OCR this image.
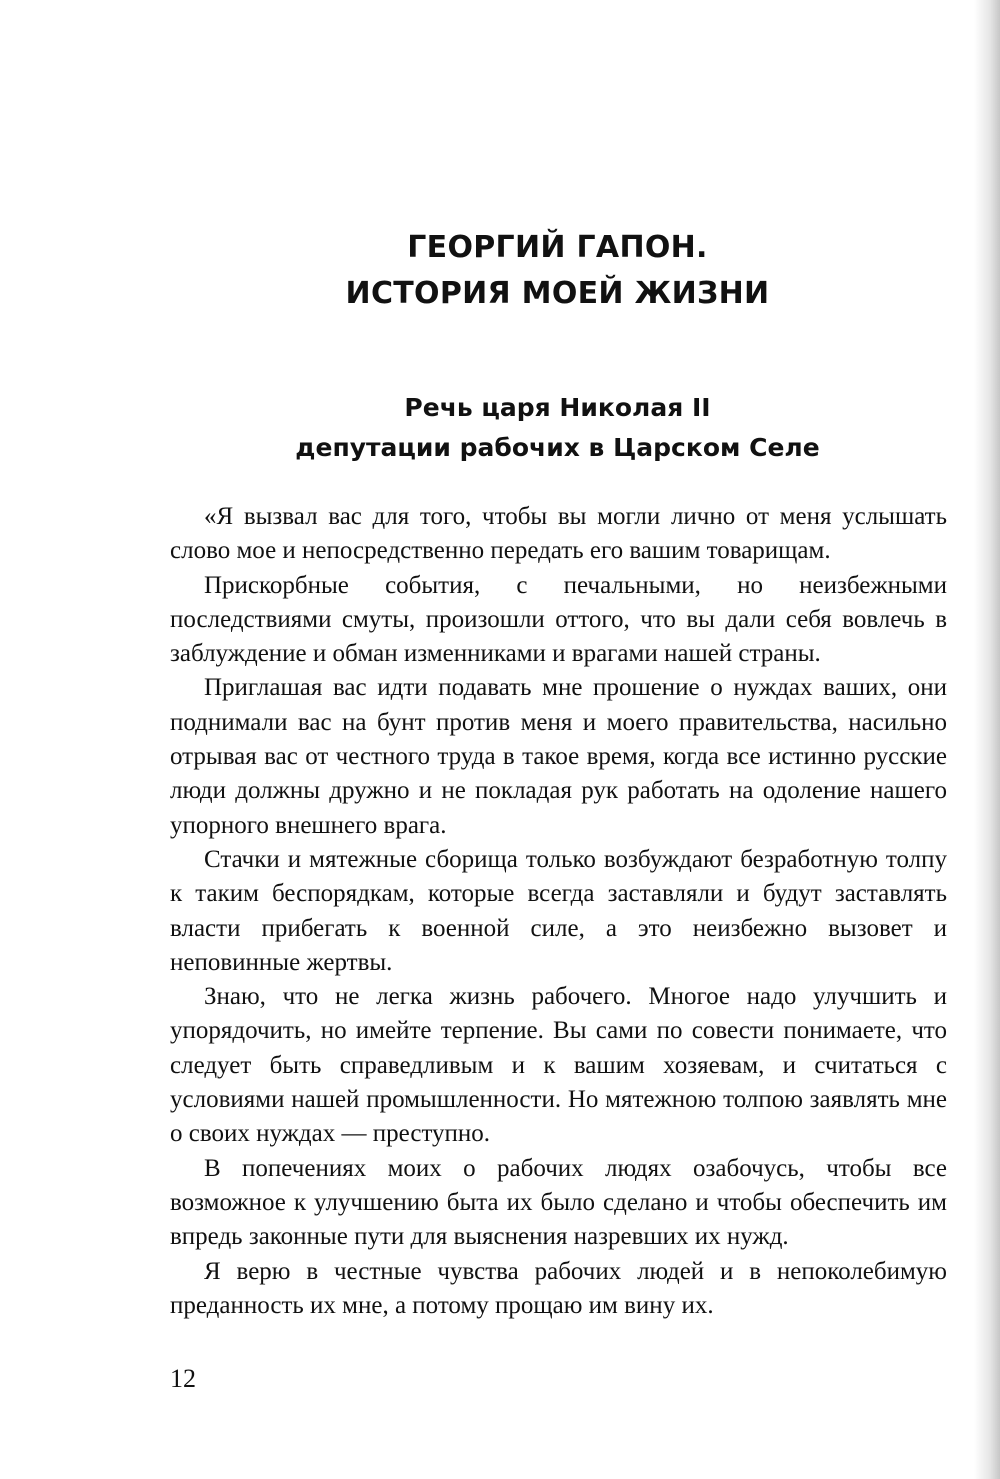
ГЕОРГИЙ ГАПОН.
ИСТОРИЯ МОЕЙ ЖИЗНИ
Речь царя Николая II
депутации рабочих в Царском Селе

«Я вызвал вас для того, чтобы вы могли лично от меня услышать слово мое и непосредственно передать его вашим товарищам.

Прискорбные события, с печальными, но неизбежными последствиями смуты, произошли оттого, что вы дали себя вовлечь в заблуждение и обман изменниками и врагами нашей страны.

Приглашая вас идти подавать мне прошение о нуждах ваших, они поднимали вас на бунт против меня и моего правительства, насильно отрывая вас от честного труда в такое время, когда все истинно русские люди должны дружно и не покладая рук работать на одоление нашего упорного внешнего врага.

Стачки и мятежные сборища только возбуждают безработную толпу к таким беспорядкам, которые всегда заставляли и будут заставлять власти прибегать к военной силе, а это неизбежно вызовет и неповинные жертвы.

Знаю, что не легка жизнь рабочего. Многое надо улучшить и упорядочить, но имейте терпение. Вы сами по совести понимаете, что следует быть справедливым и к вашим хозяевам, и считаться с условиями нашей промышленности. Но мятежною толпою заявлять мне о своих нуждах — преступно.

В попечениях моих о рабочих людях озабочусь, чтобы все возможное к улучшению быта их было сделано и чтобы обеспечить им впредь законные пути для выяснения назревших их нужд.

Я верю в честные чувства рабочих людей и в непоколебимую преданность их мне, а потому прощаю им вину их.

12
